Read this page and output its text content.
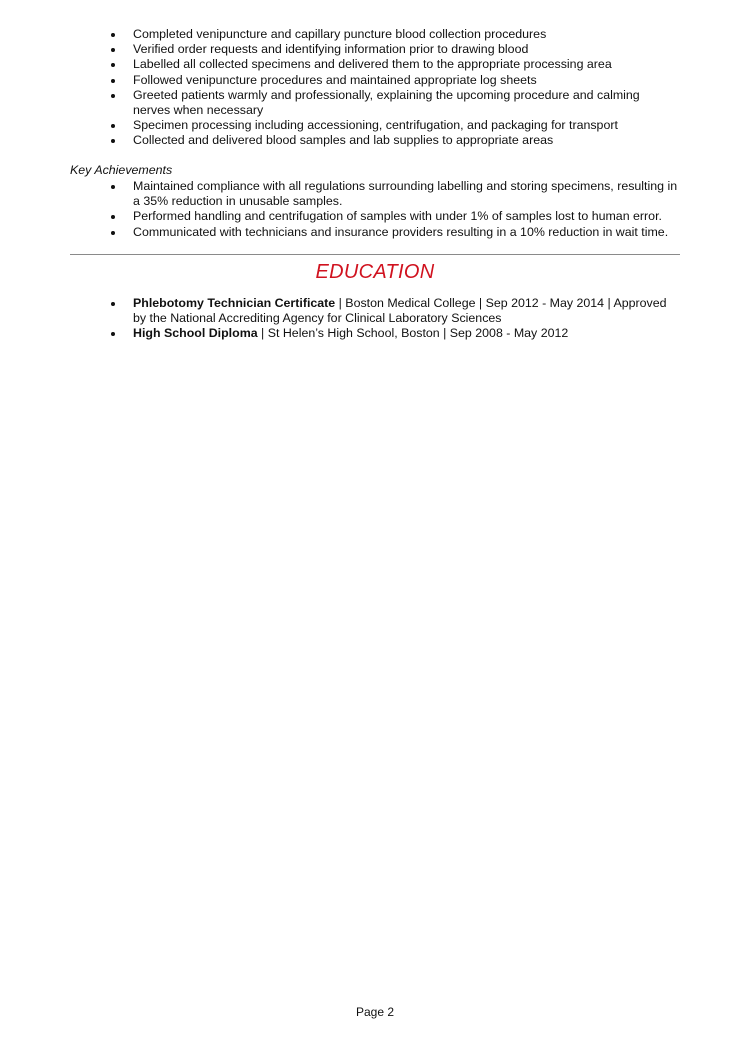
Completed venipuncture and capillary puncture blood collection procedures
Verified order requests and identifying information prior to drawing blood
Labelled all collected specimens and delivered them to the appropriate processing area
Followed venipuncture procedures and maintained appropriate log sheets
Greeted patients warmly and professionally, explaining the upcoming procedure and calming nerves when necessary
Specimen processing including accessioning, centrifugation, and packaging for transport
Collected and delivered blood samples and lab supplies to appropriate areas
Key Achievements
Maintained compliance with all regulations surrounding labelling and storing specimens, resulting in a 35% reduction in unusable samples.
Performed handling and centrifugation of samples with under 1% of samples lost to human error.
Communicated with technicians and insurance providers resulting in a 10% reduction in wait time.
EDUCATION
Phlebotomy Technician Certificate | Boston Medical College | Sep 2012 - May 2014 | Approved by the National Accrediting Agency for Clinical Laboratory Sciences
High School Diploma | St Helen’s High School, Boston | Sep 2008 - May 2012
Page 2
